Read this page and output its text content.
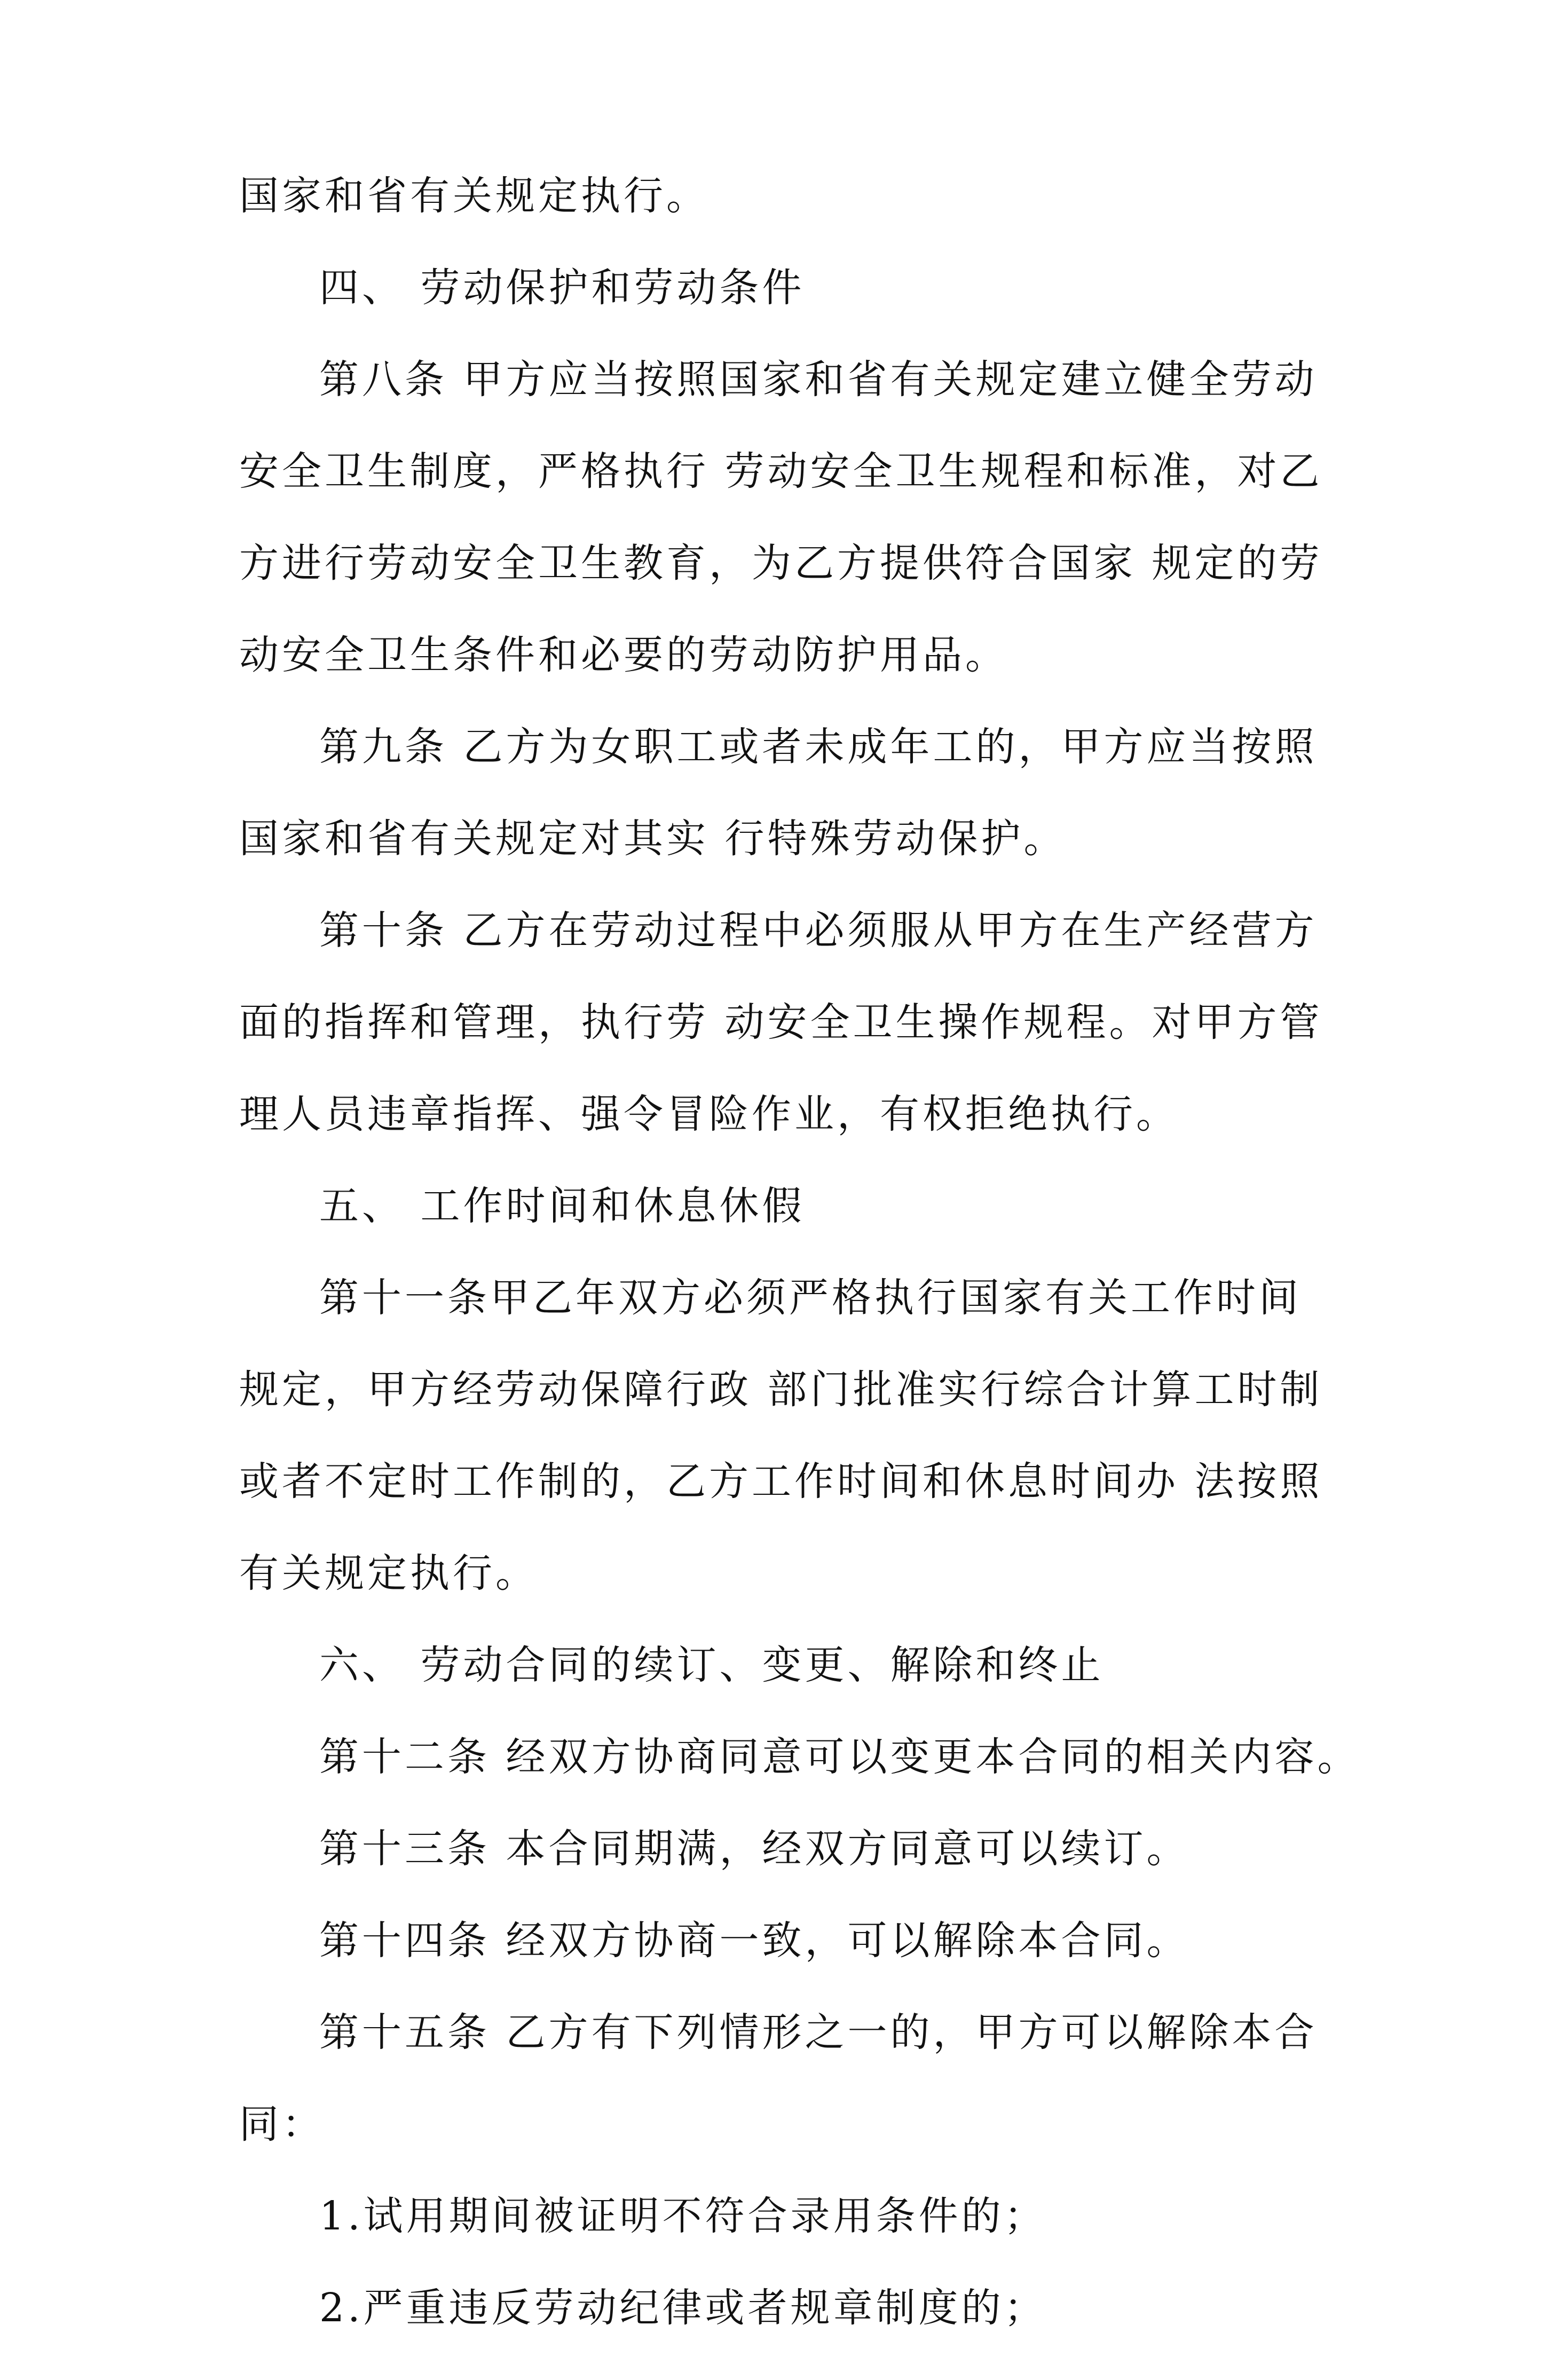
国家和省有关规定执行。
四、 劳动保护和劳动条件
第八条 甲方应当按照国家和省有关规定建立健全劳动
安全卫生制度，严格执行 劳动安全卫生规程和标准，对乙
方进行劳动安全卫生教育，为乙方提供符合国家 规定的劳
动安全卫生条件和必要的劳动防护用品。
第九条 乙方为女职工或者未成年工的，甲方应当按照
国家和省有关规定对其实 行特殊劳动保护。
第十条 乙方在劳动过程中必须服从甲方在生产经营方
面的指挥和管理，执行劳 动安全卫生操作规程。对甲方管
理人员违章指挥、强令冒险作业，有权拒绝执行。
五、 工作时间和休息休假
第十一条甲乙年双方必须严格执行国家有关工作时间
规定，甲方经劳动保障行政 部门批准实行综合计算工时制
或者不定时工作制的，乙方工作时间和休息时间办 法按照
有关规定执行。
六、 劳动合同的续订、变更、解除和终止
第十二条 经双方协商同意可以变更本合同的相关内容。
第十三条 本合同期满，经双方同意可以续订。
第十四条 经双方协商一致，可以解除本合同。
第十五条 乙方有下列情形之一的，甲方可以解除本合
同：
1.试用期间被证明不符合录用条件的；
2.严重违反劳动纪律或者规章制度的；
